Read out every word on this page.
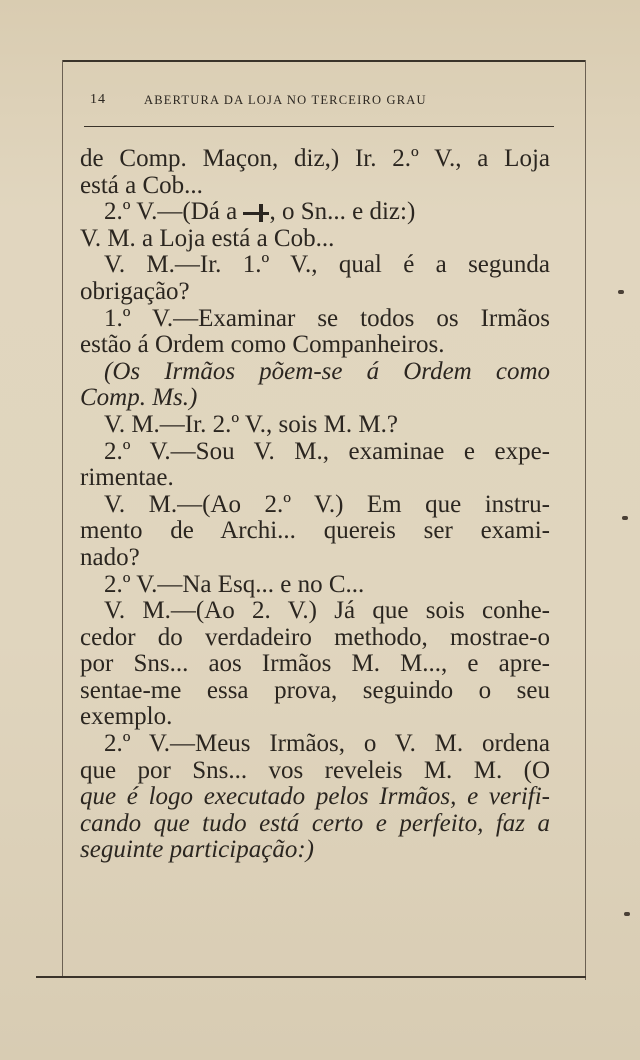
14	ABERTURA DA LOJA NO TERCEIRO GRAU
de Comp. Maçon, diz,) Ir. 2.º V., a Loja
está a Cob...
2.º V.—(Dá a , o Sn... e diz:)
V. M. a Loja está a Cob...
V. M.—Ir. 1.º V., qual é a segunda
obrigação?
1.º V.—Examinar se todos os Irmãos
estão á Ordem como Companheiros.
(Os Irmãos põem-se á Ordem como
Comp. Ms.)
V. M.—Ir. 2.º V., sois M. M.?
2.º V.—Sou V. M., examinae e expe-
rimentae.
V. M.—(Ao 2.º V.) Em que instru-
mento de Archi... quereis ser exami-
nado?
2.º V.—Na Esq... e no C...
V. M.—(Ao 2. V.) Já que sois conhe-
cedor do verdadeiro methodo, mostrae-o
por Sns... aos Irmãos M. M..., e apre-
sentae-me essa prova, seguindo o seu
exemplo.
2.º V.—Meus Irmãos, o V. M. ordena
que por Sns... vos reveleis M. M. (O
que é logo executado pelos Irmãos, e verifi-
cando que tudo está certo e perfeito, faz a
seguinte participação:)
